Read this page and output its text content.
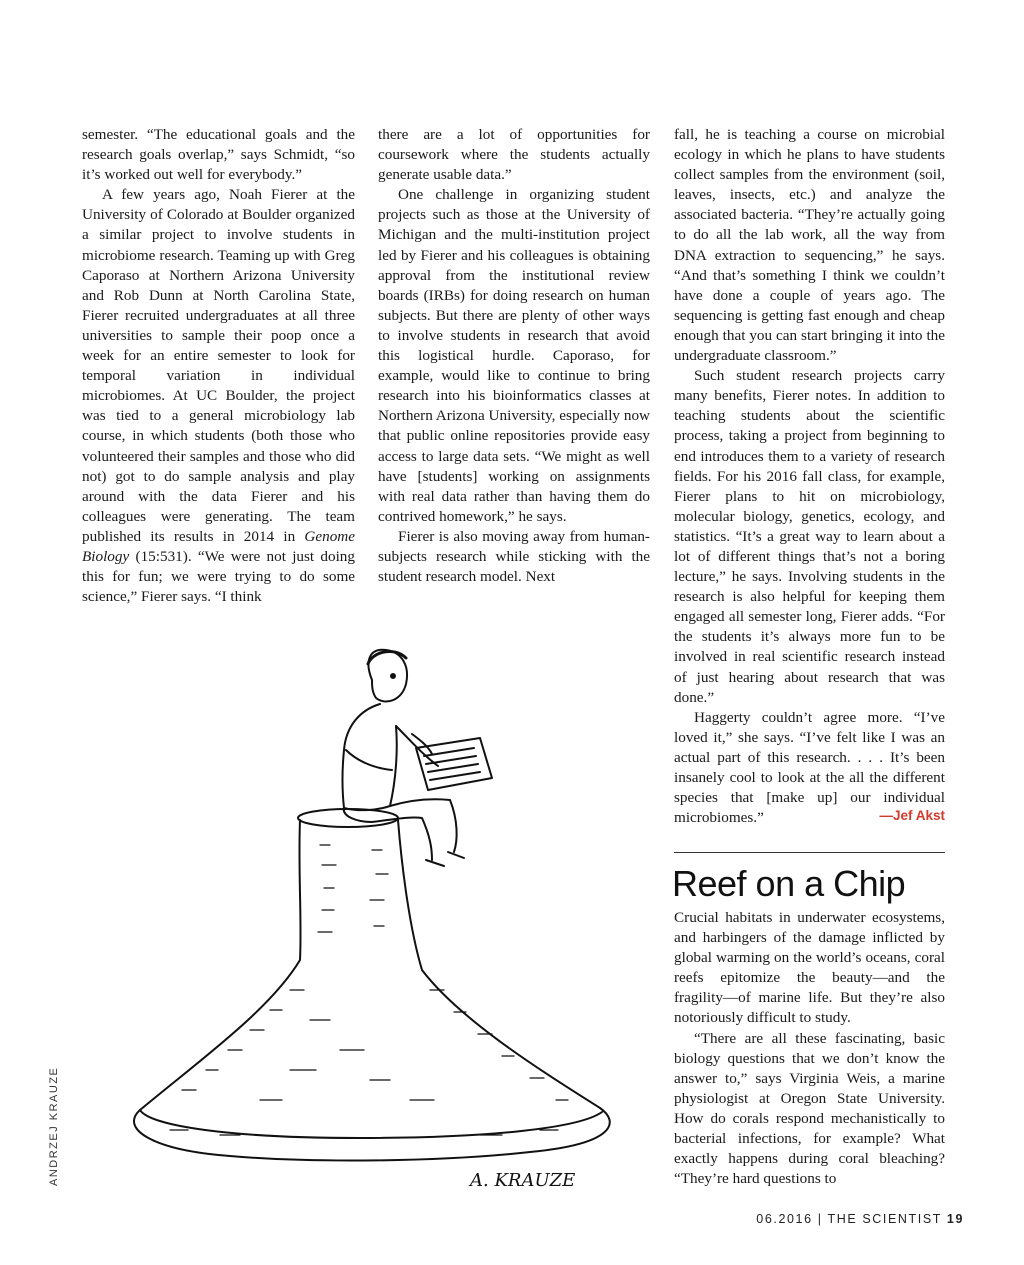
semester. “The educational goals and the research goals overlap,” says Schmidt, “so it’s worked out well for everybody.”

A few years ago, Noah Fierer at the University of Colorado at Boulder organized a similar project to involve students in microbiome research. Teaming up with Greg Caporaso at Northern Arizona University and Rob Dunn at North Carolina State, Fierer recruited undergraduates at all three universities to sample their poop once a week for an entire semester to look for temporal variation in individual microbiomes. At UC Boulder, the project was tied to a general microbiology lab course, in which students (both those who volunteered their samples and those who did not) got to do sample analysis and play around with the data Fierer and his colleagues were generating. The team published its results in 2014 in Genome Biology (15:531). “We were not just doing this for fun; we were trying to do some science,” Fierer says. “I think

there are a lot of opportunities for coursework where the students actually generate usable data.”

One challenge in organizing student projects such as those at the University of Michigan and the multi-institution project led by Fierer and his colleagues is obtaining approval from the institutional review boards (IRBs) for doing research on human subjects. But there are plenty of other ways to involve students in research that avoid this logistical hurdle. Caporaso, for example, would like to continue to bring research into his bioinformatics classes at Northern Arizona University, especially now that public online repositories provide easy access to large data sets. “We might as well have [students] working on assignments with real data rather than having them do contrived homework,” he says.

Fierer is also moving away from human-subjects research while sticking with the student research model. Next

fall, he is teaching a course on microbial ecology in which he plans to have students collect samples from the environment (soil, leaves, insects, etc.) and analyze the associated bacteria. “They’re actually going to do all the lab work, all the way from DNA extraction to sequencing,” he says. “And that’s something I think we couldn’t have done a couple of years ago. The sequencing is getting fast enough and cheap enough that you can start bringing it into the undergraduate classroom.”

Such student research projects carry many benefits, Fierer notes. In addition to teaching students about the scientific process, taking a project from beginning to end introduces them to a variety of research fields. For his 2016 fall class, for example, Fierer plans to hit on microbiology, molecular biology, genetics, ecology, and statistics. “It’s a great way to learn about a lot of different things that’s not a boring lecture,” he says. Involving students in the research is also helpful for keeping them engaged all semester long, Fierer adds. “For the students it’s always more fun to be involved in real scientific research instead of just hearing about research that was done.”

Haggerty couldn’t agree more. “I’ve loved it,” she says. “I’ve felt like I was an actual part of this research. . . . It’s been insanely cool to look at the all the different species that [make up] our individual microbiomes.”	—Jef Akst
Reef on a Chip

Crucial habitats in underwater ecosystems, and harbingers of the damage inflicted by global warming on the world’s oceans, coral reefs epitomize the beauty—and the fragility—of marine life. But they’re also notoriously difficult to study.

“There are all these fascinating, basic biology questions that we don’t know the answer to,” says Virginia Weis, a marine physiologist at Oregon State University. How do corals respond mechanistically to bacterial infections, for example? What exactly happens during coral bleaching? “They’re hard questions to

A. KRAUZE
ANDRZEJ KRAUZE
06.2016 | THE SCIENTIST 19
